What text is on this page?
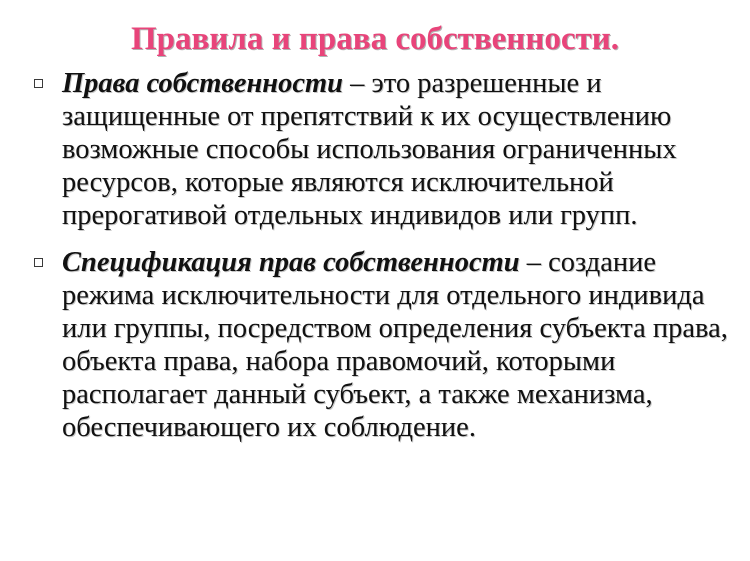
Правила и права собственности.
Права собственности – это разрешенные и защищенные от препятствий к их осуществлению возможные способы использования ограниченных ресурсов, которые являются исключительной прерогативой отдельных индивидов или групп.
Спецификация прав собственности – создание режима исключительности для отдельного индивида или группы, посредством определения субъекта права, объекта права, набора правомочий, которыми располагает данный субъект, а также механизма, обеспечивающего их соблюдение.
